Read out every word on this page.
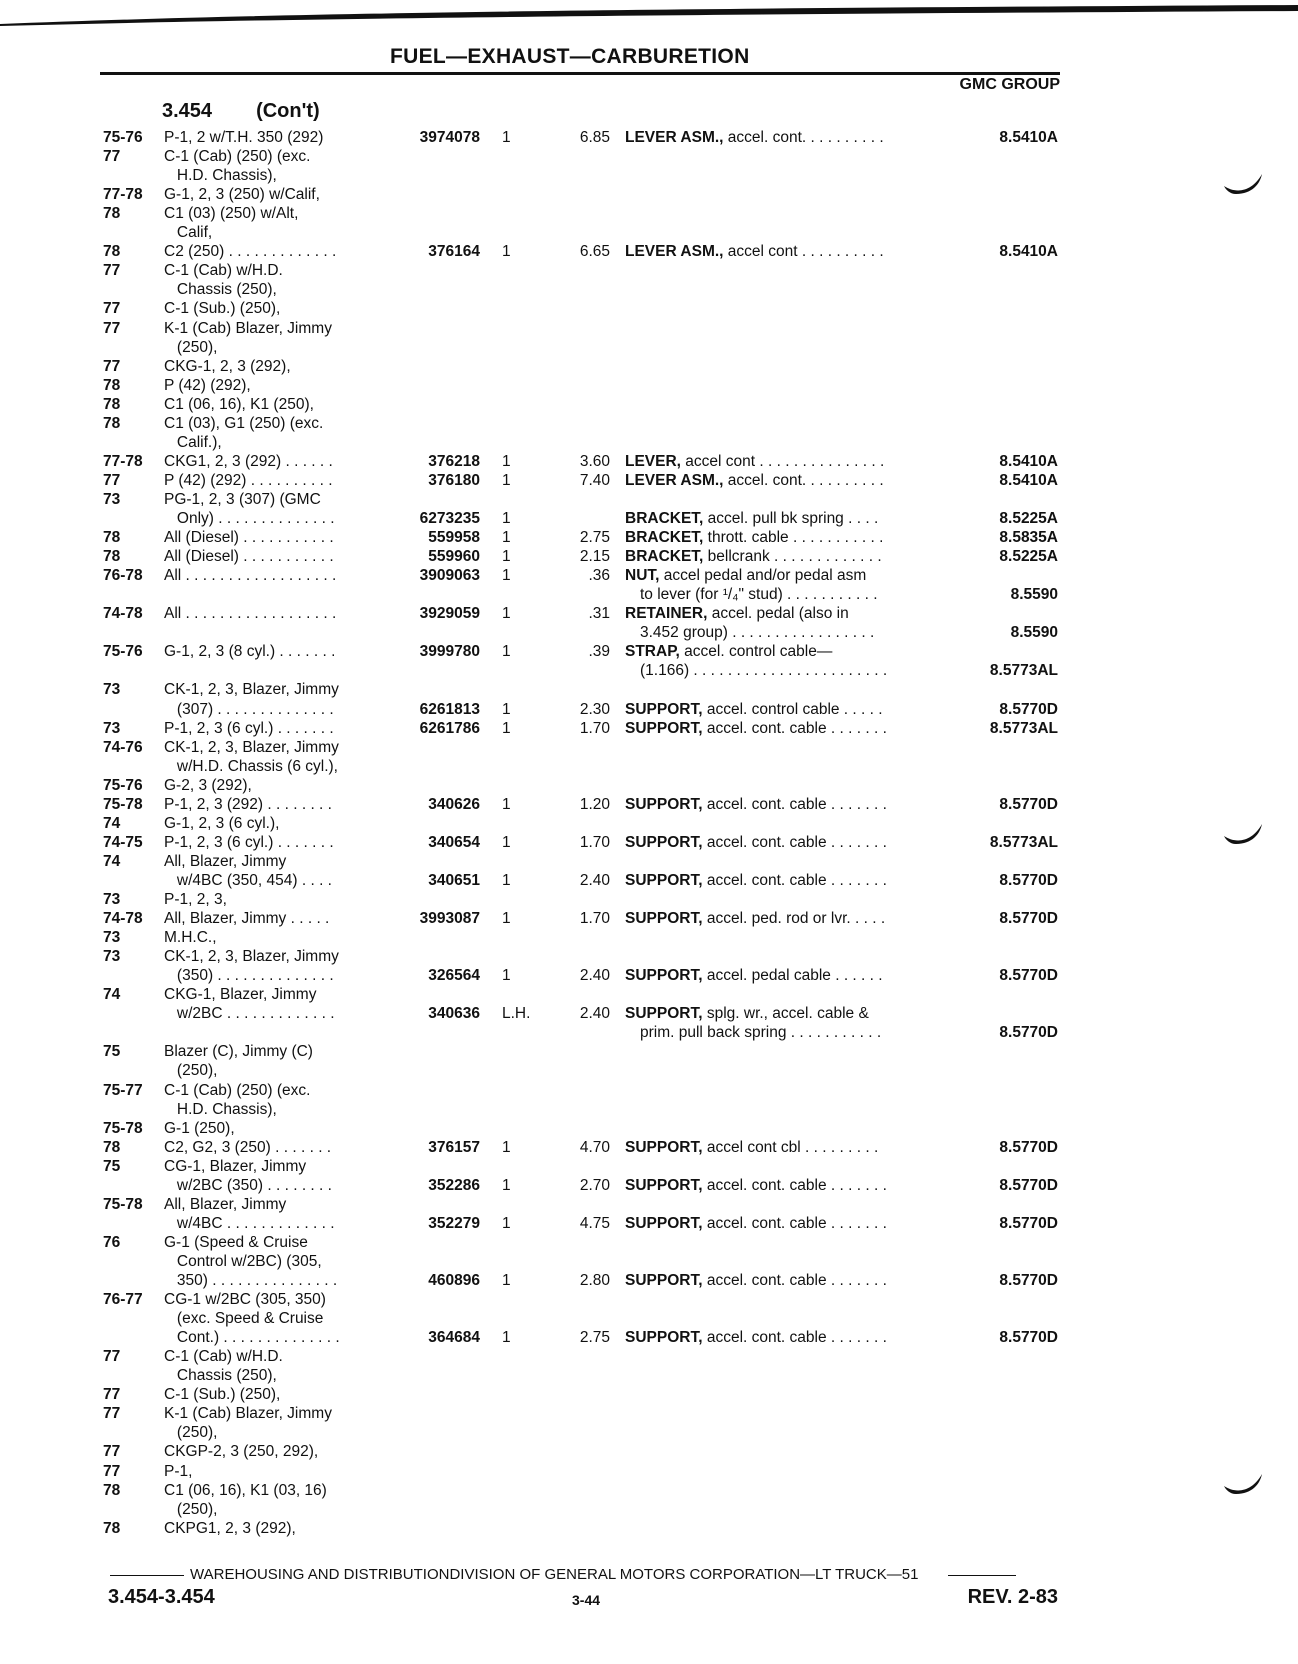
FUEL—EXHAUST—CARBURETION
GMC GROUP
3.454 (Con't)
75-76 P-1, 2 w/T.H. 350 (292)	3974078 1	6.85 LEVER ASM., accel. cont. . . . . . . . . .	8.5410A
77	C-1 (Cab) (250) (exc.
H.D. Chassis),
77-78 G-1, 2, 3 (250) w/Calif,
78	C1 (03) (250) w/Alt,
Calif,
78	C2 (250) . . . . . . . . . . . . .	376164 1	6.65 LEVER ASM., accel cont . . . . . . . . . .	8.5410A
77	C-1 (Cab) w/H.D.
Chassis (250),
77	C-1 (Sub.) (250),
77	K-1 (Cab) Blazer, Jimmy
(250),
77	CKG-1, 2, 3 (292),
78	P (42) (292),
78	C1 (06, 16), K1 (250),
78	C1 (03), G1 (250) (exc.
Calif.),
77-78 CKG1, 2, 3 (292) . . . . . .	376218 1	3.60 LEVER, accel cont . . . . . . . . . . . . . . .	8.5410A
77	P (42) (292) . . . . . . . . . .	376180 1	7.40 LEVER ASM., accel. cont. . . . . . . . . .	8.5410A
73	PG-1, 2, 3 (307) (GMC
Only) . . . . . . . . . . . . . .	6273235 1	BRACKET, accel. pull bk spring . . . .	8.5225A
78	All (Diesel) . . . . . . . . . . .	559958 1	2.75 BRACKET, thrott. cable . . . . . . . . . . .	8.5835A
78	All (Diesel) . . . . . . . . . . .	559960 1	2.15 BRACKET, bellcrank . . . . . . . . . . . . .	8.5225A
76-78 All . . . . . . . . . . . . . . . . . .	3909063 1	.36 NUT, accel pedal and/or pedal asm
to lever (for ¹/₄" stud) . . . . . . . . . . .	8.5590
74-78 All . . . . . . . . . . . . . . . . . .	3929059 1	.31 RETAINER, accel. pedal (also in
3.452 group) . . . . . . . . . . . . . . . . .	8.5590
75-76 G-1, 2, 3 (8 cyl.) . . . . . . .	3999780 1	.39 STRAP, accel. control cable—
(1.166) . . . . . . . . . . . . . . . . . . . . . . .	8.5773AL
73	CK-1, 2, 3, Blazer, Jimmy
(307) . . . . . . . . . . . . . .	6261813 1	2.30 SUPPORT, accel. control cable . . . . .	8.5770D
73	P-1, 2, 3 (6 cyl.) . . . . . . .	6261786 1	1.70 SUPPORT, accel. cont. cable . . . . . . .	8.5773AL
74-76 CK-1, 2, 3, Blazer, Jimmy
w/H.D. Chassis (6 cyl.),
75-76 G-2, 3 (292),
75-78 P-1, 2, 3 (292) . . . . . . . .	340626 1	1.20 SUPPORT, accel. cont. cable . . . . . . .	8.5770D
74	G-1, 2, 3 (6 cyl.),
74-75 P-1, 2, 3 (6 cyl.) . . . . . . .	340654 1	1.70 SUPPORT, accel. cont. cable . . . . . . .	8.5773AL
74	All, Blazer, Jimmy
w/4BC (350, 454) . . . .	340651 1	2.40 SUPPORT, accel. cont. cable . . . . . . .	8.5770D
73	P-1, 2, 3,
74-78 All, Blazer, Jimmy . . . . .	3993087 1	1.70 SUPPORT, accel. ped. rod or lvr. . . . .	8.5770D
73	M.H.C.,
73	CK-1, 2, 3, Blazer, Jimmy
(350) . . . . . . . . . . . . . .	326564 1	2.40 SUPPORT, accel. pedal cable . . . . . .	8.5770D
74	CKG-1, Blazer, Jimmy
w/2BC . . . . . . . . . . . . .	340636 L.H.	2.40 SUPPORT, splg. wr., accel. cable &
prim. pull back spring . . . . . . . . . . .	8.5770D
75	Blazer (C), Jimmy (C)
(250),
75-77 C-1 (Cab) (250) (exc.
H.D. Chassis),
75-78 G-1 (250),
78	C2, G2, 3 (250) . . . . . . .	376157 1	4.70 SUPPORT, accel cont cbl . . . . . . . . .	8.5770D
75	CG-1, Blazer, Jimmy
w/2BC (350) . . . . . . . .	352286 1	2.70 SUPPORT, accel. cont. cable . . . . . . .	8.5770D
75-78 All, Blazer, Jimmy
w/4BC . . . . . . . . . . . . .	352279 1	4.75 SUPPORT, accel. cont. cable . . . . . . .	8.5770D
76	G-1 (Speed & Cruise
Control w/2BC) (305,
350) . . . . . . . . . . . . . . .	460896 1	2.80 SUPPORT, accel. cont. cable . . . . . . .	8.5770D
76-77 CG-1 w/2BC (305, 350)
(exc. Speed & Cruise
Cont.) . . . . . . . . . . . . . .	364684 1	2.75 SUPPORT, accel. cont. cable . . . . . . .	8.5770D
77	C-1 (Cab) w/H.D.
Chassis (250),
77	C-1 (Sub.) (250),
77	K-1 (Cab) Blazer, Jimmy
(250),
77	CKGP-2, 3 (250, 292),
77	P-1,
78	C1 (06, 16), K1 (03, 16)
(250),
78	CKPG1, 2, 3 (292),
WAREHOUSING AND DISTRIBUTIONDIVISION OF GENERAL MOTORS CORPORATION—LT TRUCK—51
3.454-3.454	3-44	REV. 2-83
